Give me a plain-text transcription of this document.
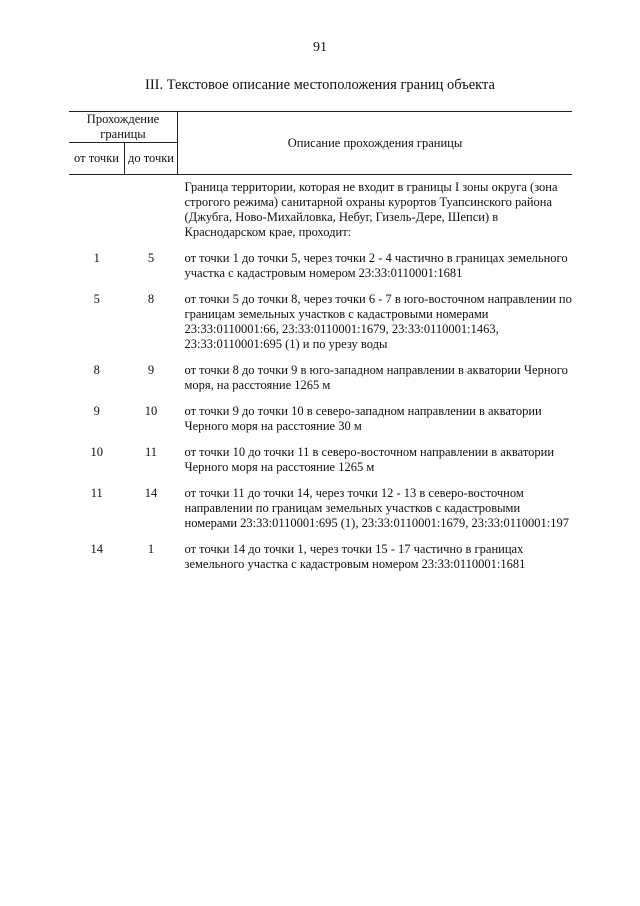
91
III. Текстовое описание местоположения границ объекта
Прохождение границы		Описание прохождения границы
от точки	до точки	
		Граница территории, которая не входит в границы I зоны округа (зона строгого режима) санитарной охраны курортов Туапсинского района (Джубга, Ново-Михайловка, Небуг, Гизель-Дере, Шепси) в Краснодарском крае, проходит:

1	5	от точки 1 до точки 5, через точки 2 - 4 частично в границах земельного участка с кадастровым номером 23:33:0110001:1681

5	8	от точки 5 до точки 8, через точки 6 - 7 в юго-восточном направлении по границам земельных участков с кадастровыми номерами 23:33:0110001:66, 23:33:0110001:1679, 23:33:0110001:1463, 23:33:0110001:695 (1) и по урезу воды

8	9	от точки 8 до точки 9 в юго-западном направлении в акватории Черного моря, на расстояние 1265 м

9	10	от точки 9 до точки 10 в северо-западном направлении в акватории Черного моря на расстояние 30 м

10	11	от точки 10 до точки 11 в северо-восточном направлении в акватории Черного моря на расстояние 1265 м

11	14	от точки 11 до точки 14, через точки 12 - 13 в северо-восточном направлении по границам земельных участков с кадастровыми номерами 23:33:0110001:695 (1), 23:33:0110001:1679, 23:33:0110001:197

14	1	от точки 14 до точки 1, через точки 15 - 17 частично в границах земельного участка с кадастровым номером 23:33:0110001:1681
